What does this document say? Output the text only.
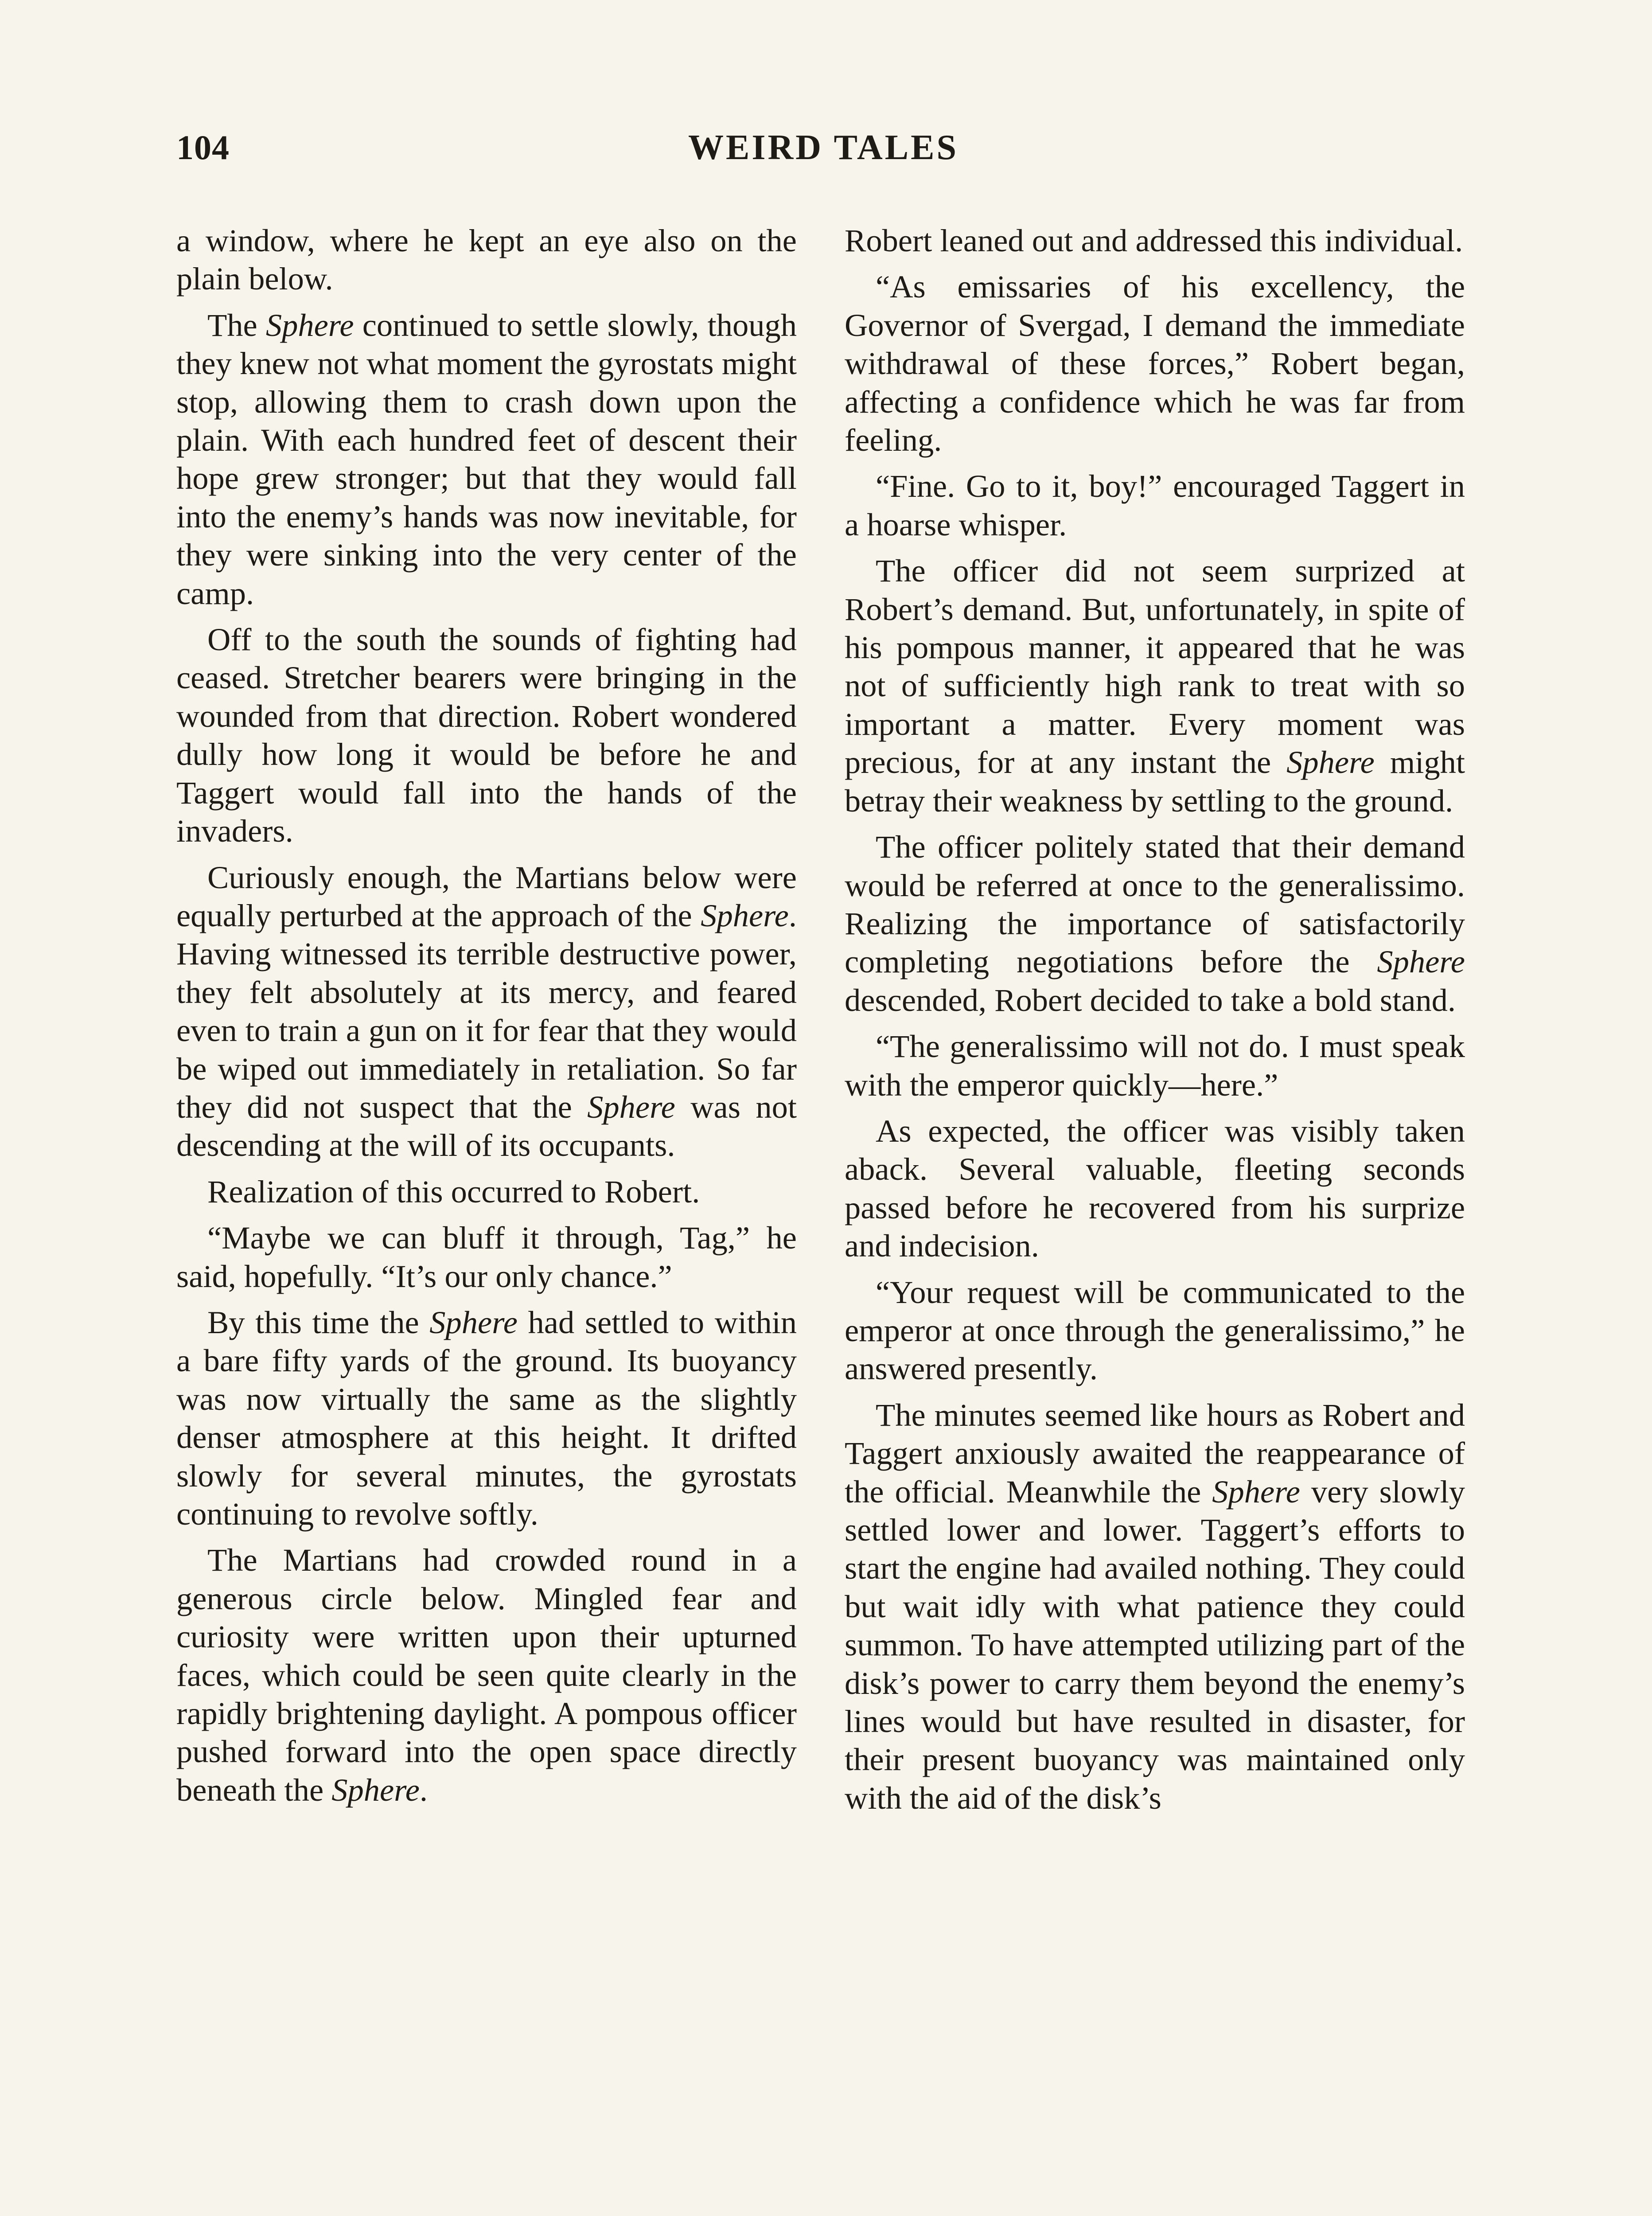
104	WEIRD TALES

a window, where he kept an eye also on the plain below.

The Sphere continued to settle slowly, though they knew not what moment the gyrostats might stop, allowing them to crash down upon the plain. With each hundred feet of descent their hope grew stronger; but that they would fall into the enemy’s hands was now inevitable, for they were sinking into the very center of the camp.

Off to the south the sounds of fighting had ceased. Stretcher bearers were bringing in the wounded from that direction. Robert wondered dully how long it would be before he and Taggert would fall into the hands of the invaders.

Curiously enough, the Martians below were equally perturbed at the approach of the Sphere. Having witnessed its terrible destructive power, they felt absolutely at its mercy, and feared even to train a gun on it for fear that they would be wiped out immediately in retaliation. So far they did not suspect that the Sphere was not descending at the will of its occupants.

Realization of this occurred to Robert.

“Maybe we can bluff it through, Tag,” he said, hopefully. “It’s our only chance.”

By this time the Sphere had settled to within a bare fifty yards of the ground. Its buoyancy was now virtually the same as the slightly denser atmosphere at this height. It drifted slowly for several minutes, the gyrostats continuing to revolve softly.

The Martians had crowded round in a generous circle below. Mingled fear and curiosity were written upon their upturned faces, which could be seen quite clearly in the rapidly brightening daylight. A pompous officer pushed forward into the open space directly beneath the Sphere.

Robert leaned out and addressed this individual.

“As emissaries of his excellency, the Governor of Svergad, I demand the immediate withdrawal of these forces,” Robert began, affecting a confidence which he was far from feeling.

“Fine. Go to it, boy!” encouraged Taggert in a hoarse whisper.

The officer did not seem surprized at Robert’s demand. But, unfortunately, in spite of his pompous manner, it appeared that he was not of sufficiently high rank to treat with so important a matter. Every moment was precious, for at any instant the Sphere might betray their weakness by settling to the ground.

The officer politely stated that their demand would be referred at once to the generalissimo. Realizing the importance of satisfactorily completing negotiations before the Sphere descended, Robert decided to take a bold stand.

“The generalissimo will not do. I must speak with the emperor quickly—here.”

As expected, the officer was visibly taken aback. Several valuable, fleeting seconds passed before he recovered from his surprize and indecision.

“Your request will be communicated to the emperor at once through the generalissimo,” he answered presently.

The minutes seemed like hours as Robert and Taggert anxiously awaited the reappearance of the official. Meanwhile the Sphere very slowly settled lower and lower. Taggert’s efforts to start the engine had availed nothing. They could but wait idly with what patience they could summon. To have attempted utilizing part of the disk’s power to carry them beyond the enemy’s lines would but have resulted in disaster, for their present buoyancy was maintained only with the aid of the disk’s
